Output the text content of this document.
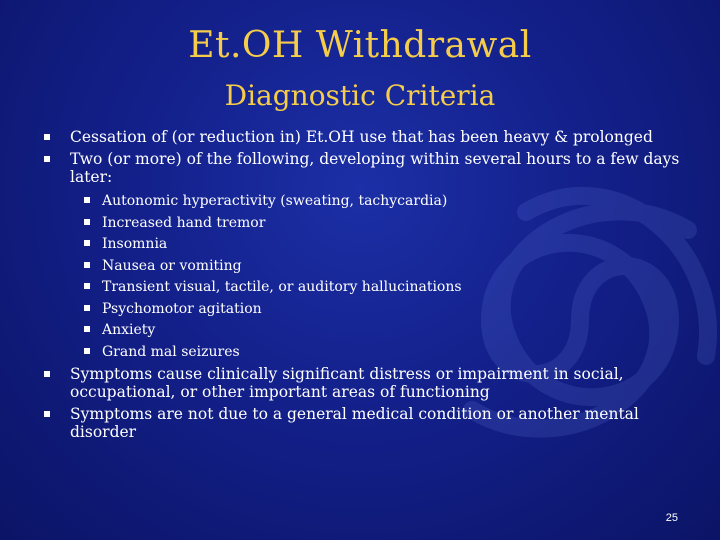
Et.OH Withdrawal
Diagnostic Criteria
Cessation of (or reduction in) Et.OH use that has been heavy & prolonged
Two (or more) of the following, developing within several hours to a few days later:
Autonomic hyperactivity (sweating, tachycardia)
Increased hand tremor
Insomnia
Nausea or vomiting
Transient visual, tactile, or auditory hallucinations
Psychomotor agitation
Anxiety
Grand mal seizures
Symptoms cause clinically significant distress or impairment in social, occupational, or other important areas of functioning
Symptoms are not due to a general medical condition or another mental disorder
25
